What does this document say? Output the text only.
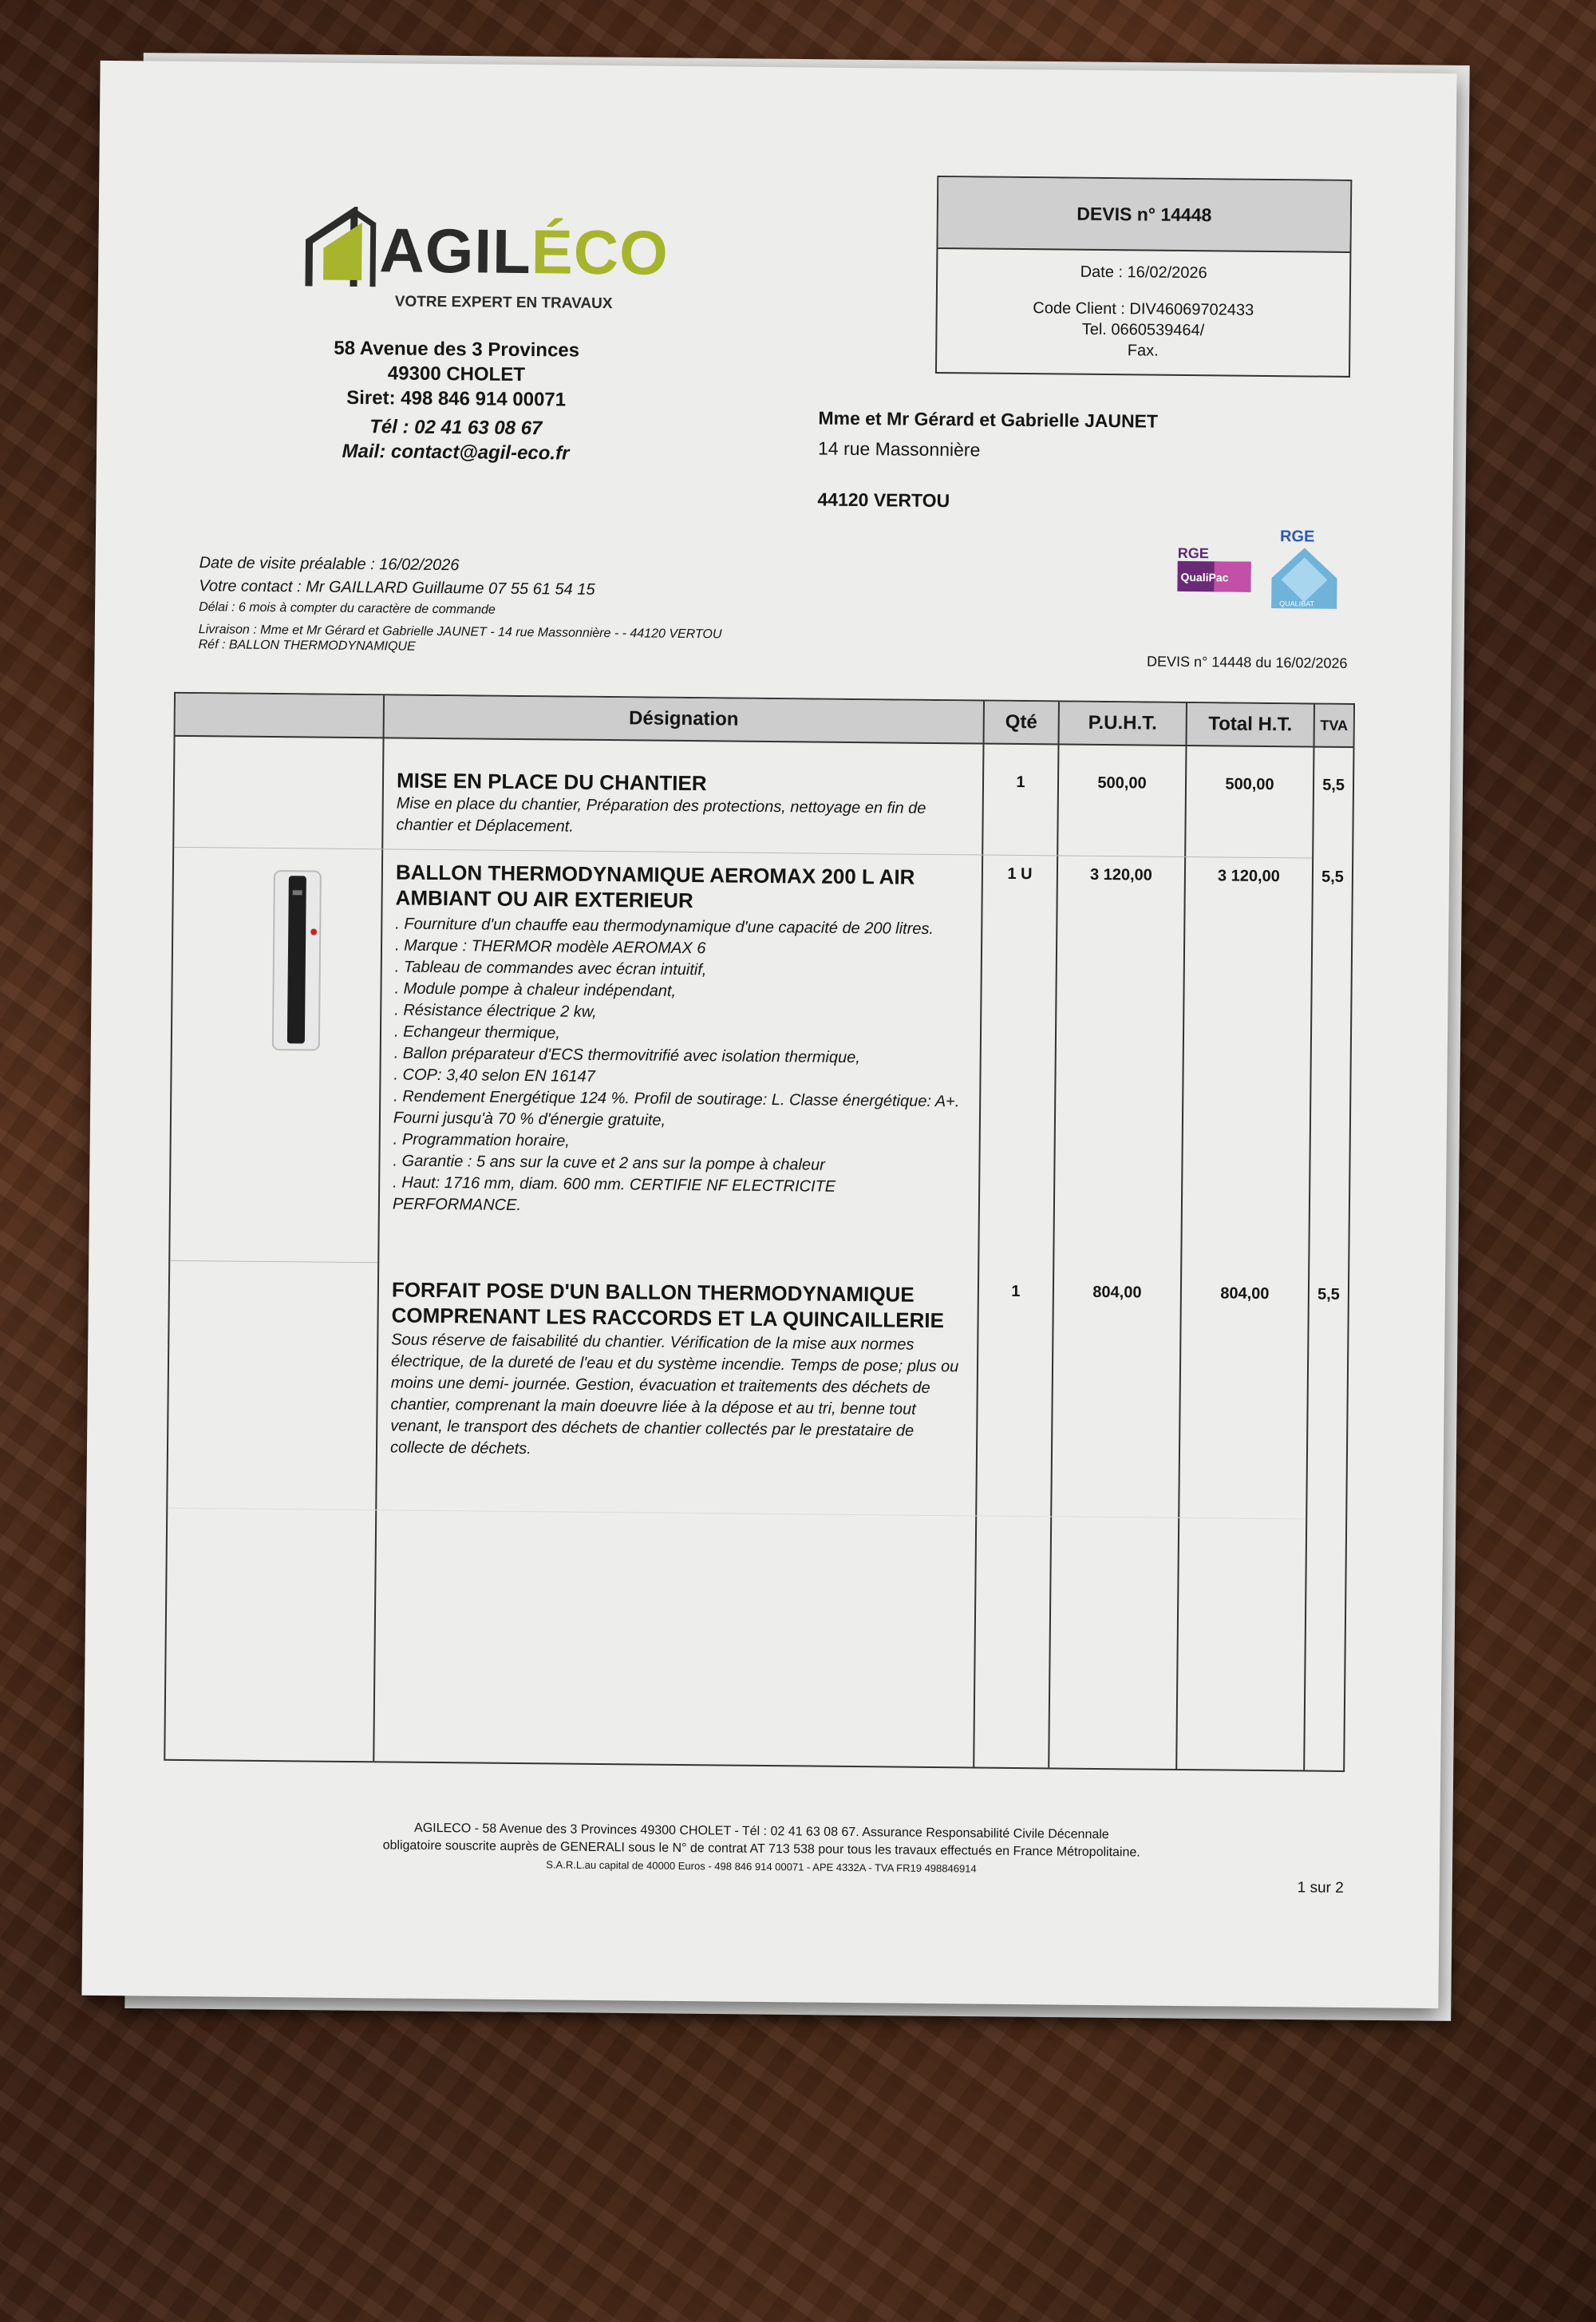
AGILÉCO
VOTRE EXPERT EN TRAVAUX
58 Avenue des 3 Provinces
49300 CHOLET
Siret: 498 846 914 00071
Tél : 02 41 63 08 67
Mail: contact@agil-eco.fr
DEVIS n° 14448
Date : 16/02/2026
Code Client : DIV46069702433
Tel. 0660539464/
Fax.
Mme et Mr Gérard et Gabrielle JAUNET
14 rue Massonnière
44120 VERTOU
RGE
QualiPac
RGE
QUALIBAT
Date de visite préalable : 16/02/2026
Votre contact : Mr GAILLARD Guillaume 07 55 61 54 15
Délai : 6 mois à compter du caractère de commande
Livraison : Mme et Mr Gérard et Gabrielle JAUNET - 14 rue Massonnière - - 44120 VERTOU
Réf : BALLON THERMODYNAMIQUE
DEVIS n° 14448 du 16/02/2026
Désignation	Qté	P.U.H.T.	Total H.T.	TVA
MISE EN PLACE DU CHANTIER
Mise en place du chantier, Préparation des protections, nettoyage en fin de chantier et Déplacement.
1	500,00	500,00	5,5
BALLON THERMODYNAMIQUE AEROMAX 200 L AIR AMBIANT OU AIR EXTERIEUR
. Fourniture d'un chauffe eau thermodynamique d'une capacité de 200 litres.
. Marque : THERMOR modèle AEROMAX 6
. Tableau de commandes avec écran intuitif,
. Module pompe à chaleur indépendant,
. Résistance électrique 2 kw,
. Echangeur thermique,
. Ballon préparateur d'ECS thermovitrifié avec isolation thermique,
. COP: 3,40 selon EN 16147
. Rendement Energétique 124 %. Profil de soutirage: L. Classe énergétique: A+. Fourni jusqu'à 70 % d'énergie gratuite,
. Programmation horaire,
. Garantie : 5 ans sur la cuve et 2 ans sur la pompe à chaleur
. Haut: 1716 mm, diam. 600 mm. CERTIFIE NF ELECTRICITE PERFORMANCE.
1 U	3 120,00	3 120,00	5,5
FORFAIT POSE D'UN BALLON THERMODYNAMIQUE COMPRENANT LES RACCORDS ET LA QUINCAILLERIE
Sous réserve de faisabilité du chantier. Vérification de la mise aux normes électrique, de la dureté de l'eau et du système incendie. Temps de pose; plus ou moins une demi- journée. Gestion, évacuation et traitements des déchets de chantier, comprenant la main doeuvre liée à la dépose et au tri, benne tout venant, le transport des déchets de chantier collectés par le prestataire de collecte de déchets.
1	804,00	804,00	5,5
AGILECO - 58 Avenue des 3 Provinces 49300 CHOLET - Tél : 02 41 63 08 67. Assurance Responsabilité Civile Décennale
obligatoire souscrite auprès de GENERALI sous le N° de contrat AT 713 538 pour tous les travaux effectués en France Métropolitaine.
S.A.R.L.au capital de 40000 Euros - 498 846 914 00071 - APE 4332A - TVA FR19 498846914
1 sur 2
